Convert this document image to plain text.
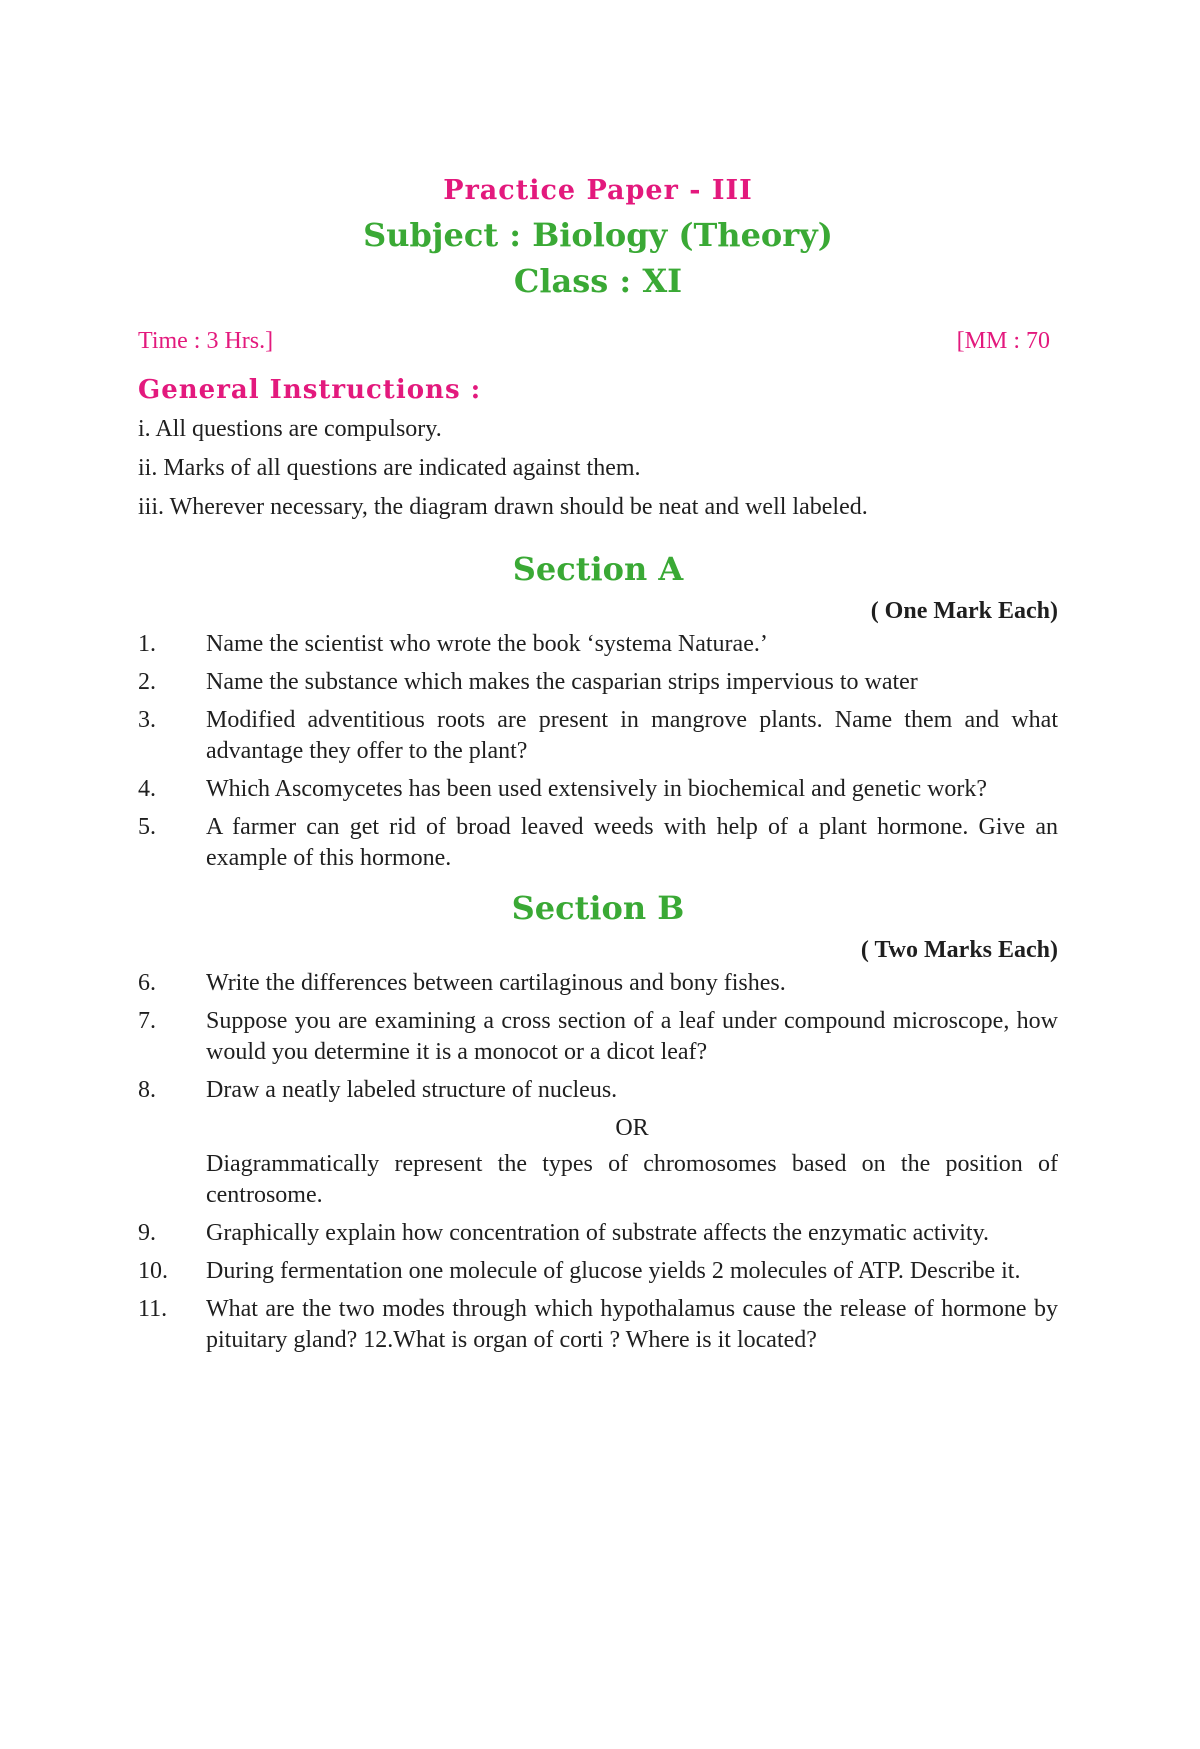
Practice Paper - III

Subject : Biology (Theory)

Class : XI

Time : 3 Hrs.]	[MM : 70
General Instructions :

i. All questions are compulsory.

ii. Marks of all questions are indicated against them.

iii. Wherever necessary, the diagram drawn should be neat and well labeled.

Section A

( One Mark Each)

1.	Name the scientist who wrote the book ‘systema Naturae.’
2.	Name the substance which makes the casparian strips impervious to water
3.	Modified adventitious roots are present in mangrove plants. Name them and what advantage they offer to the plant?
4.	Which Ascomycetes has been used extensively in biochemical and genetic work?
5.	A farmer can get rid of broad leaved weeds with help of a plant hormone. Give an example of this hormone.

Section B

( Two Marks Each)

6.	Write the differences between cartilaginous and bony fishes.
7.	Suppose you are examining a cross section of a leaf under compound microscope, how would you determine it is a monocot or a dicot leaf?
8.	Draw a neatly labeled structure of nucleus.

OR

Diagrammatically represent the types of chromosomes based on the position of centrosome.
9.	Graphically explain how concentration of substrate affects the enzymatic activity.
10.	During fermentation one molecule of glucose yields 2 molecules of ATP. Describe it.
11.	What are the two modes through which hypothalamus cause the release of hormone by pituitary gland? 12.What is organ of corti ? Where is it located?
